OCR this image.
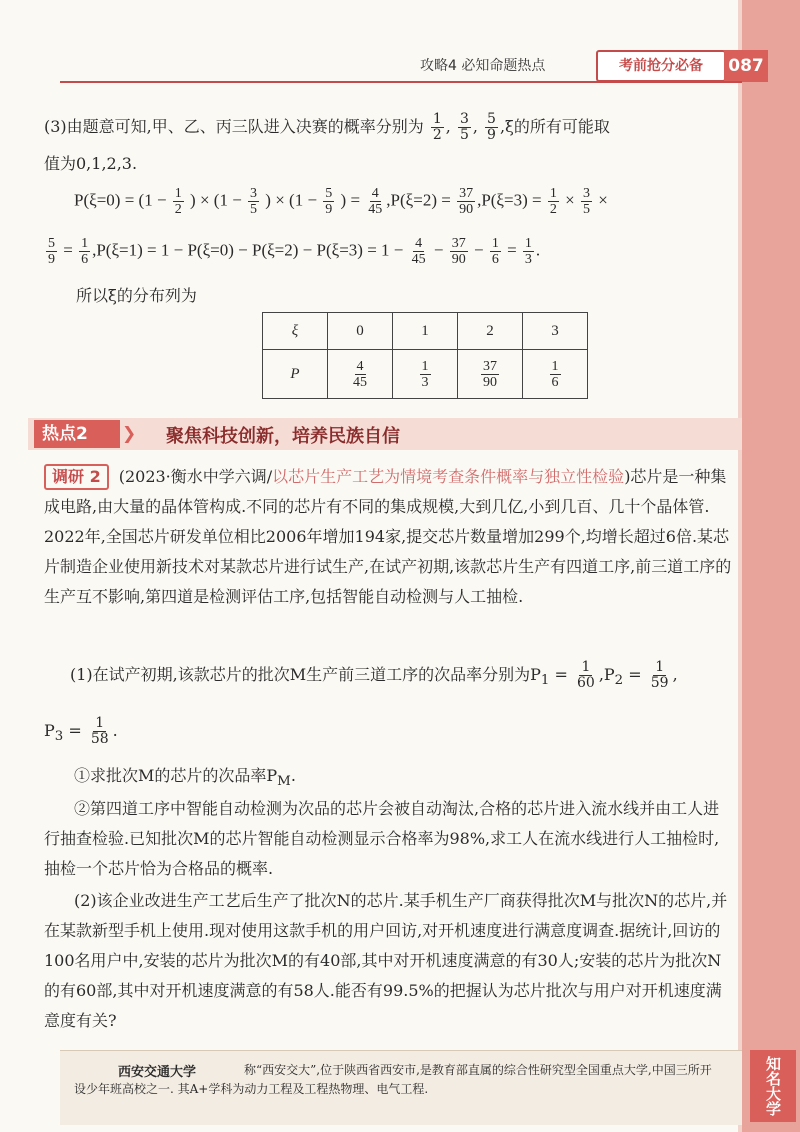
攻略4 必知命题热点	考前抢分必备	087
(3)由题意可知,甲、乙、丙三队进入决赛的概率分别为 $\frac{1}{2}$ , $\frac{3}{5}$ , $\frac{5}{9} ,\xi$的所有可能取
值为0,1,2,3.
$P(\xi=0) = (1 - \frac{1}{2}$ ) × ($1 - \frac{3}{5}$ ) × ($1 - \frac{5}{9}$ ) = $\frac{4}{45} ,P(\xi=2) = \frac{37}{90} ,P(\xi=3) = \frac{1}{2} \times \frac{3}{5}$ ×
$\frac{5}{9} = \frac{1}{6} ,P(\xi=1) = 1 - P(\xi=0) - P(\xi=2) - P(\xi=3) = 1 - \frac{4}{45} - \frac{37}{90} - \frac{1}{6} = \frac{1}{3}$ .
所以ξ的分布列为
ξ	0	1	2	3
P	$\frac{4}{45}$	$\frac{1}{3}$	$\frac{37}{90}$	$\frac{1}{6}$
热点2	❯ 聚焦科技创新，培养民族自信
调研 2 (2023·衡水中学六调/以芯片生产工艺为情境考查条件概率与独立性检验)芯片是一种集成电路,由大量的晶体管构成.不同的芯片有不同的集成规模,大到几亿,小到几百、几十个晶体管. 2022年,全国芯片研发单位相比2006年增加194家,提交芯片数量增加299个,均增长超过6倍.某芯片制造企业使用新技术对某款芯片进行试生产,在试产初期,该款芯片生产有四道工序,前三道工序的生产互不影响,第四道是检测评估工序,包括智能自动检测与人工抽检.
(1)在试产初期,该款芯片的批次M生产前三道工序的次品率分别为$P_1 = \frac{1}{60} ,P_2 = \frac{1}{59}$ ,
$P_3 = \frac{1}{58}$ .
①求批次M的芯片的次品率$P_M$.
②第四道工序中智能自动检测为次品的芯片会被自动淘汰,合格的芯片进入流水线并由工人进行抽查检验.已知批次M的芯片智能自动检测显示合格率为98%,求工人在流水线进行人工抽检时,抽检一个芯片恰为合格品的概率.
(2)该企业改进生产工艺后生产了批次N的芯片.某手机生产厂商获得批次M与批次N的芯片,并在某款新型手机上使用.现对使用这款手机的用户回访,对开机速度进行满意度调查.据统计,回访的100名用户中,安装的芯片为批次M的有40部,其中对开机速度满意的有30人;安装的芯片为批次N的有60部,其中对开机速度满意的有58人.能否有99.5%的把握认为芯片批次与用户对开机速度满意度有关?
称“西安交大”,位于陕西省西安市,是教育部直属的综合性研究型全国重点大学,中国三所开设少年班高校之一. 其A+学科为动力工程及工程热物理、电气工程.
西安交通大学	知名大学
